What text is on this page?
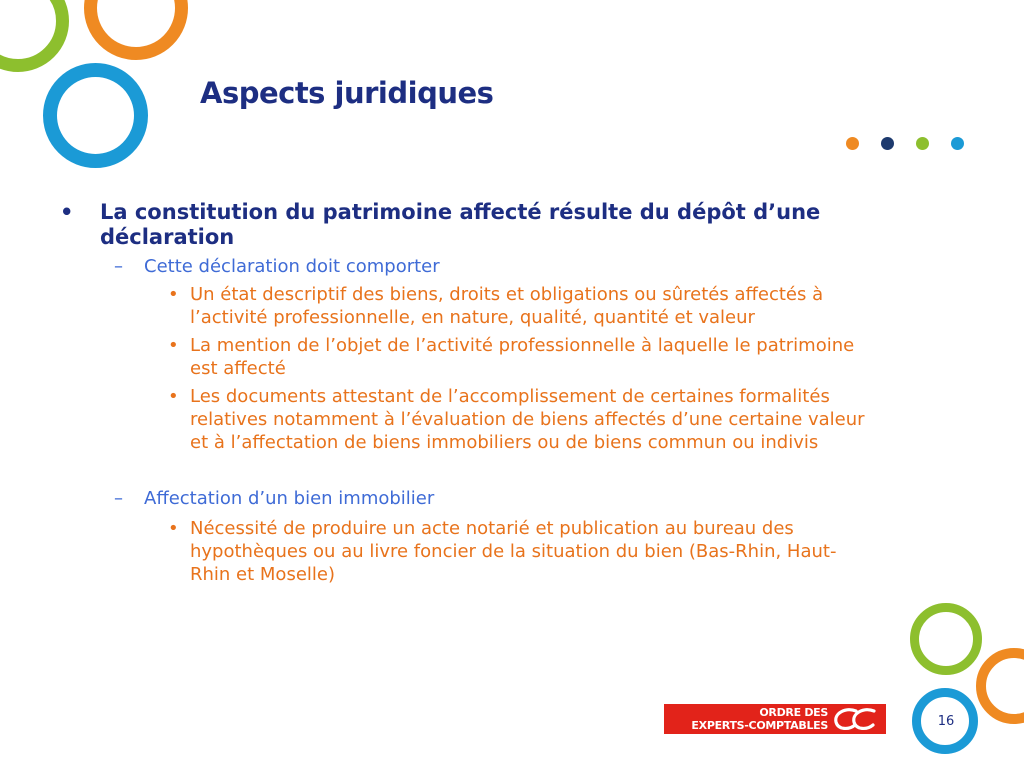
Aspects juridiques
• La constitution du patrimoine affecté résulte du dépôt d’une déclaration
– Cette déclaration doit comporter
• Un état descriptif des biens, droits et obligations ou sûretés affectés à l’activité professionnelle, en nature, qualité, quantité et valeur
• La mention de l’objet de l’activité professionnelle à laquelle le patrimoine est affecté
• Les documents attestant de l’accomplissement de certaines formalités relatives notamment à l’évaluation de biens affectés d’une certaine valeur et à l’affectation de biens immobiliers ou de biens commun ou indivis
– Affectation d’un bien immobilier
• Nécessité de produire un acte notarié et publication au bureau des hypothèques ou au livre foncier de la situation du bien (Bas-Rhin, Haut-Rhin et Moselle)
ORDRE DES
EXPERTS-COMPTABLES	16
